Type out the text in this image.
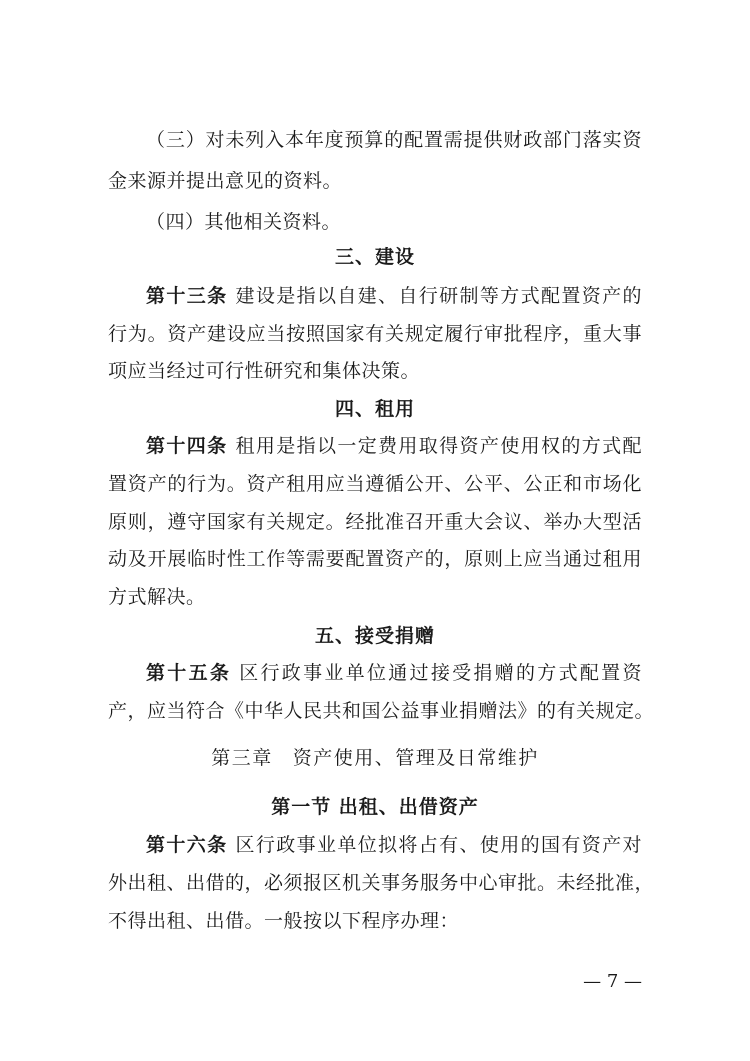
（三）对未列入本年度预算的配置需提供财政部门落实资
金来源并提出意见的资料。
（四）其他相关资料。
三、建设
第十三条 建设是指以自建、自行研制等方式配置资产的
行为。资产建设应当按照国家有关规定履行审批程序，重大事
项应当经过可行性研究和集体决策。
四、租用
第十四条 租用是指以一定费用取得资产使用权的方式配
置资产的行为。资产租用应当遵循公开、公平、公正和市场化
原则，遵守国家有关规定。经批准召开重大会议、举办大型活
动及开展临时性工作等需要配置资产的，原则上应当通过租用
方式解决。
五、接受捐赠
第十五条 区行政事业单位通过接受捐赠的方式配置资
产，应当符合《中华人民共和国公益事业捐赠法》的有关规定。
第三章 资产使用、管理及日常维护
第一节 出租、出借资产
第十六条 区行政事业单位拟将占有、使用的国有资产对
外出租、出借的，必须报区机关事务服务中心审批。未经批准，
不得出租、出借。一般按以下程序办理：
— 7 —
